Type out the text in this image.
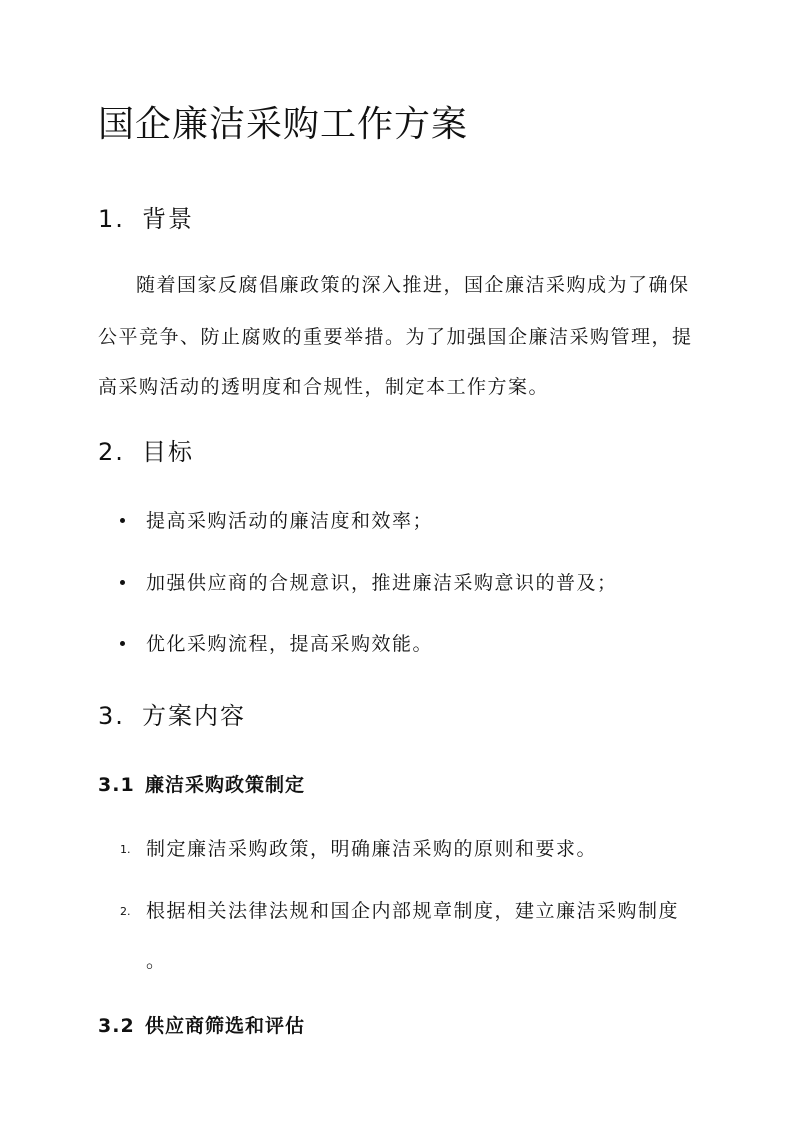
国企廉洁采购工作方案
1. 背景
随着国家反腐倡廉政策的深入推进，国企廉洁采购成为了确保
公平竞争、防止腐败的重要举措。为了加强国企廉洁采购管理，提
高采购活动的透明度和合规性，制定本工作方案。
2. 目标
提高采购活动的廉洁度和效率；
加强供应商的合规意识，推进廉洁采购意识的普及；
优化采购流程，提高采购效能。
3. 方案内容
3.1 廉洁采购政策制定
1. 制定廉洁采购政策，明确廉洁采购的原则和要求。
2. 根据相关法律法规和国企内部规章制度，建立廉洁采购制度
。
3.2 供应商筛选和评估
